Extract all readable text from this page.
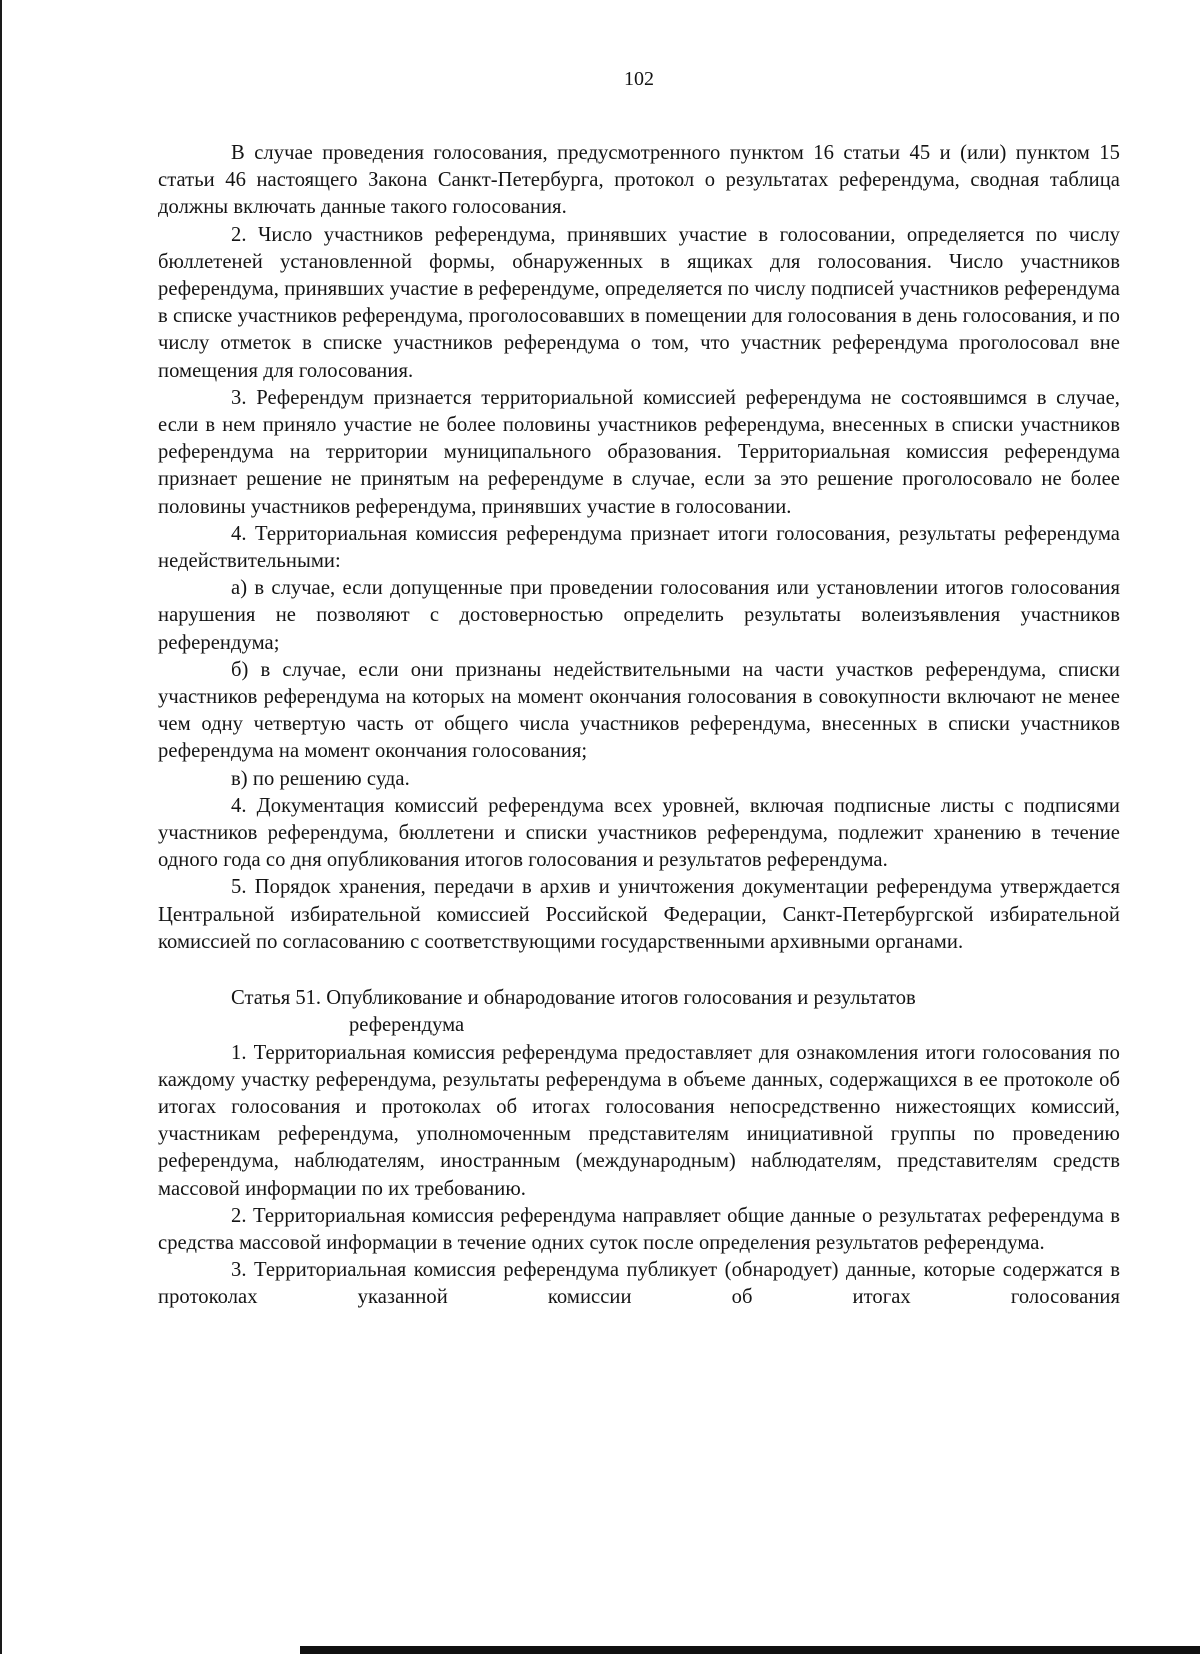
102

В случае проведения голосования, предусмотренного пунктом 16 статьи 45 и (или) пунктом 15 статьи 46 настоящего Закона Санкт-Петербурга, протокол о результатах референдума, сводная таблица должны включать данные такого голосования.

2. Число участников референдума, принявших участие в голосовании, определяется по числу бюллетеней установленной формы, обнаруженных в ящиках для голосования. Число участников референдума, принявших участие в референдуме, определяется по числу подписей участников референдума в списке участников референдума, проголосовавших в помещении для голосования в день голосования, и по числу отметок в списке участников референдума о том, что участник референдума проголосовал вне помещения для голосования.

3. Референдум признается территориальной комиссией референдума не состоявшимся в случае, если в нем приняло участие не более половины участников референдума, внесенных в списки участников референдума на территории муниципального образования. Территориальная комиссия референдума признает решение не принятым на референдуме в случае, если за это решение проголосовало не более половины участников референдума, принявших участие в голосовании.

4. Территориальная комиссия референдума признает итоги голосования, результаты референдума недействительными:

а) в случае, если допущенные при проведении голосования или установлении итогов голосования нарушения не позволяют с достоверностью определить результаты волеизъявления участников референдума;

б) в случае, если они признаны недействительными на части участков референдума, списки участников референдума на которых на момент окончания голосования в совокупности включают не менее чем одну четвертую часть от общего числа участников референдума, внесенных в списки участников референдума на момент окончания голосования;

в) по решению суда.

4. Документация комиссий референдума всех уровней, включая подписные листы с подписями участников референдума, бюллетени и списки участников референдума, подлежит хранению в течение одного года со дня опубликования итогов голосования и результатов референдума.

5. Порядок хранения, передачи в архив и уничтожения документации референдума утверждается Центральной избирательной комиссией Российской Федерации, Санкт-Петербургской избирательной комиссией по согласованию с соответствующими государственными архивными органами.

Статья 51. Опубликование и обнародование итогов голосования и результатов
референдума

1. Территориальная комиссия референдума предоставляет для ознакомления итоги голосования по каждому участку референдума, результаты референдума в объеме данных, содержащихся в ее протоколе об итогах голосования и протоколах об итогах голосования непосредственно нижестоящих комиссий, участникам референдума, уполномоченным представителям инициативной группы по проведению референдума, наблюдателям, иностранным (международным) наблюдателям, представителям средств массовой информации по их требованию.

2. Территориальная комиссия референдума направляет общие данные о результатах референдума в средства массовой информации в течение одних суток после определения результатов референдума.

3. Территориальная комиссия референдума публикует (обнародует) данные, которые содержатся в протоколах указанной комиссии об итогах голосования
